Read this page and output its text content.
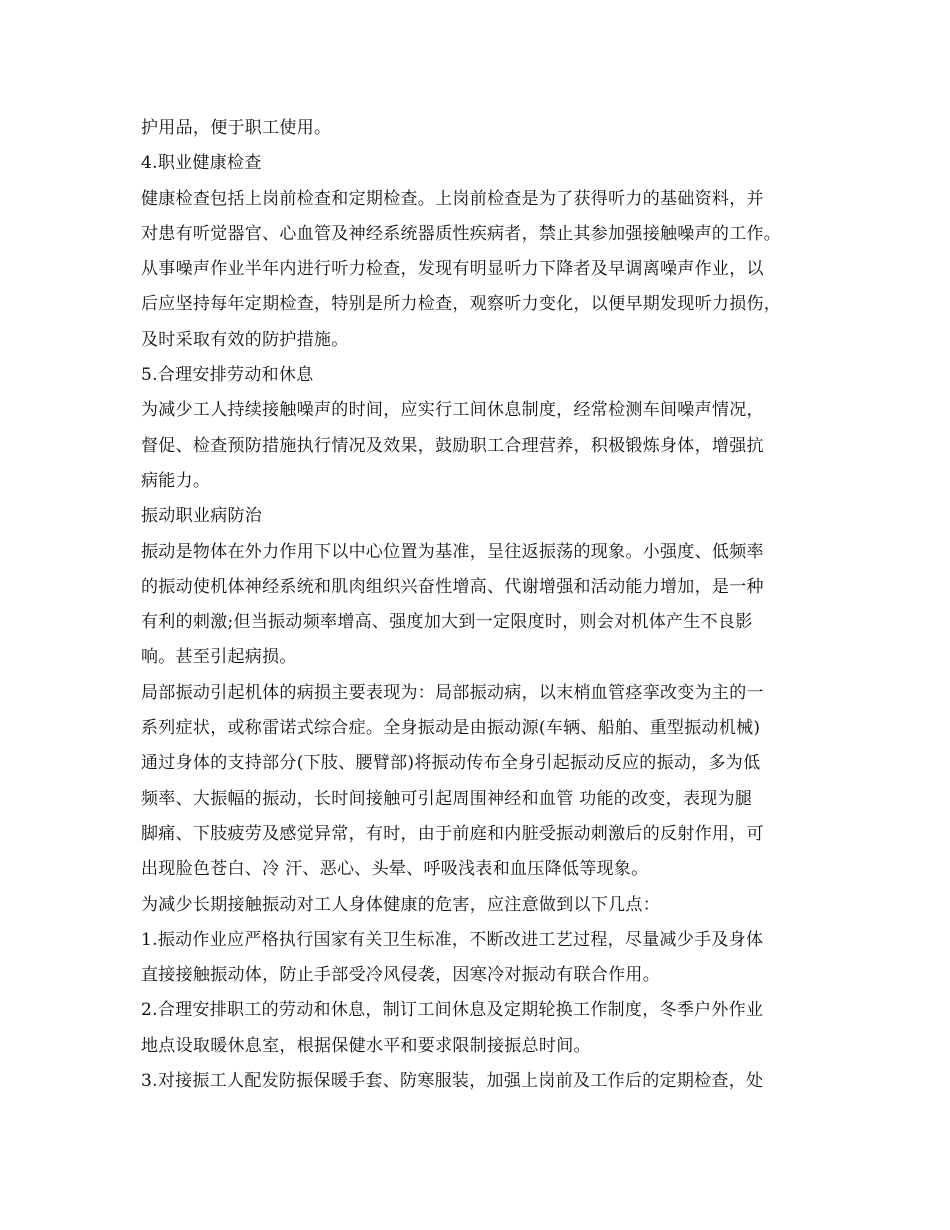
护用品，便于职工使用。
4.职业健康检查
健康检查包括上岗前检查和定期检查。上岗前检查是为了获得听力的基础资料，并
对患有听觉器官、心血管及神经系统器质性疾病者，禁止其参加强接触噪声的工作。
从事噪声作业半年内进行听力检查，发现有明显听力下降者及早调离噪声作业，以
后应坚持每年定期检查，特别是所力检查，观察听力变化，以便早期发现听力损伤，
及时采取有效的防护措施。
5.合理安排劳动和休息
为减少工人持续接触噪声的时间，应实行工间休息制度，经常检测车间噪声情况，
督促、检查预防措施执行情况及效果，鼓励职工合理营养，积极锻炼身体，增强抗
病能力。
振动职业病防治
振动是物体在外力作用下以中心位置为基准，呈往返振荡的现象。小强度、低频率
的振动使机体神经系统和肌肉组织兴奋性增高、代谢增强和活动能力增加，是一种
有利的刺激;但当振动频率增高、强度加大到一定限度时，则会对机体产生不良影
响。甚至引起病损。
局部振动引起机体的病损主要表现为：局部振动病，以末梢血管痉挛改变为主的一
系列症状，或称雷诺式综合症。全身振动是由振动源(车辆、船舶、重型振动机械)
通过身体的支持部分(下肢、腰臂部)将振动传布全身引起振动反应的振动，多为低
频率、大振幅的振动，长时间接触可引起周围神经和血管 功能的改变，表现为腿
脚痛、下肢疲劳及感觉异常，有时，由于前庭和内脏受振动刺激后的反射作用，可
出现脸色苍白、冷 汗、恶心、头晕、呼吸浅表和血压降低等现象。
为减少长期接触振动对工人身体健康的危害，应注意做到以下几点：
1.振动作业应严格执行国家有关卫生标准，不断改进工艺过程，尽量减少手及身体
直接接触振动体，防止手部受冷风侵袭，因寒冷对振动有联合作用。
2.合理安排职工的劳动和休息，制订工间休息及定期轮换工作制度，冬季户外作业
地点设取暖休息室，根据保健水平和要求限制接振总时间。
3.对接振工人配发防振保暖手套、防寒服装，加强上岗前及工作后的定期检查，处
